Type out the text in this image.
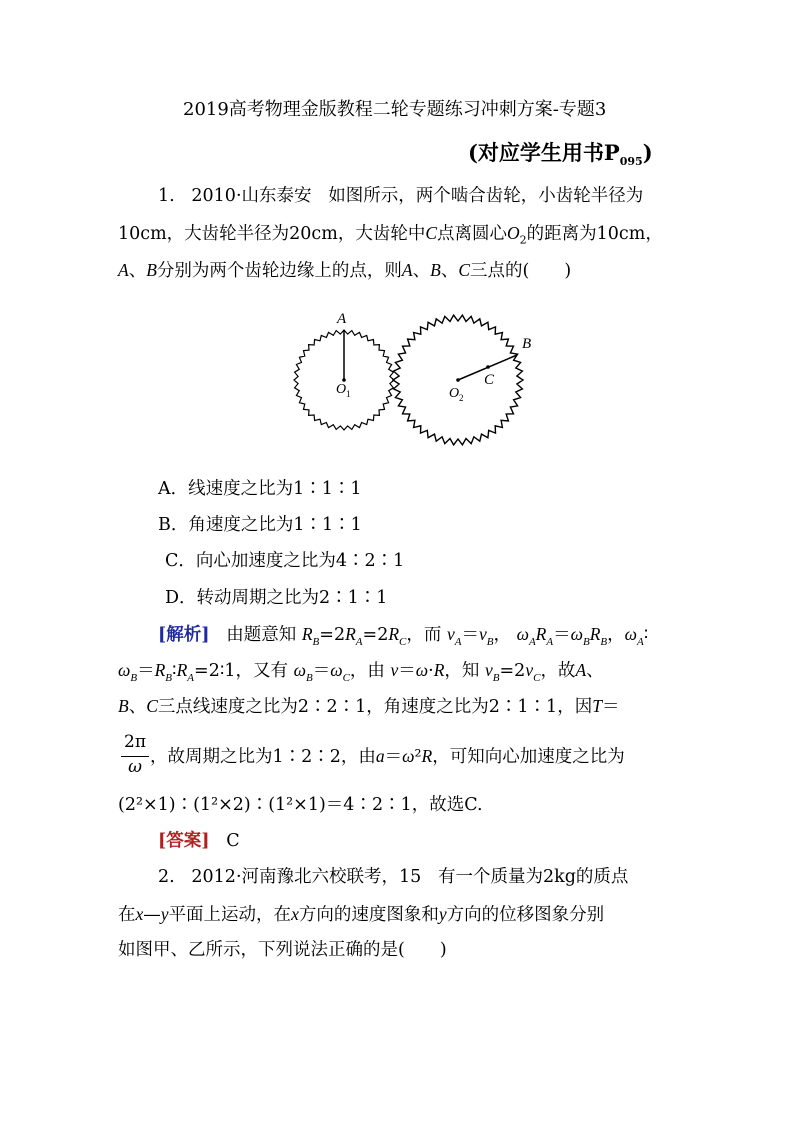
2019高考物理金版教程二轮专题练习冲刺方案-专题3
(对应学生用书$P_{095}$)
1. 2010·山东泰安 如图所示，两个啮合齿轮，小齿轮半径为
10cm，大齿轮半径为20cm，大齿轮中C点离圆心$O_2$的距离为10cm，
A、B分别为两个齿轮边缘上的点，则A、B、C三点的(　　)
A
B
C
O 1	O 2
A．线速度之比为1∶1∶1
B．角速度之比为1∶1∶1
C．向心加速度之比为4∶2∶1
D．转动周期之比为2∶1∶1
[解析] 由题意知 $R_B=2R_A=2R_C$，而 $v_A=v_B$， $\omega_AR_A=\omega_BR_B$，$\omega_A∶$
$\omega_B=R_B∶R_A=2∶1$，又有 $\omega_B=\omega_C$，由 v＝ω·R，知 $v_B=2v_C$，故A、
B、C三点线速度之比为2∶2∶1，角速度之比为2∶1∶1，因T＝
2π
ω ，故周期之比为1∶2∶2，由a＝ω²R，可知向心加速度之比为
(2²×1)∶(1²×2)∶(1²×1)＝4∶2∶1，故选C.
[答案] C
2. 2012·河南豫北六校联考，15 有一个质量为2kg的质点
在x—y平面上运动，在x方向的速度图象和y方向的位移图象分别
如图甲、乙所示，下列说法正确的是(　　)
